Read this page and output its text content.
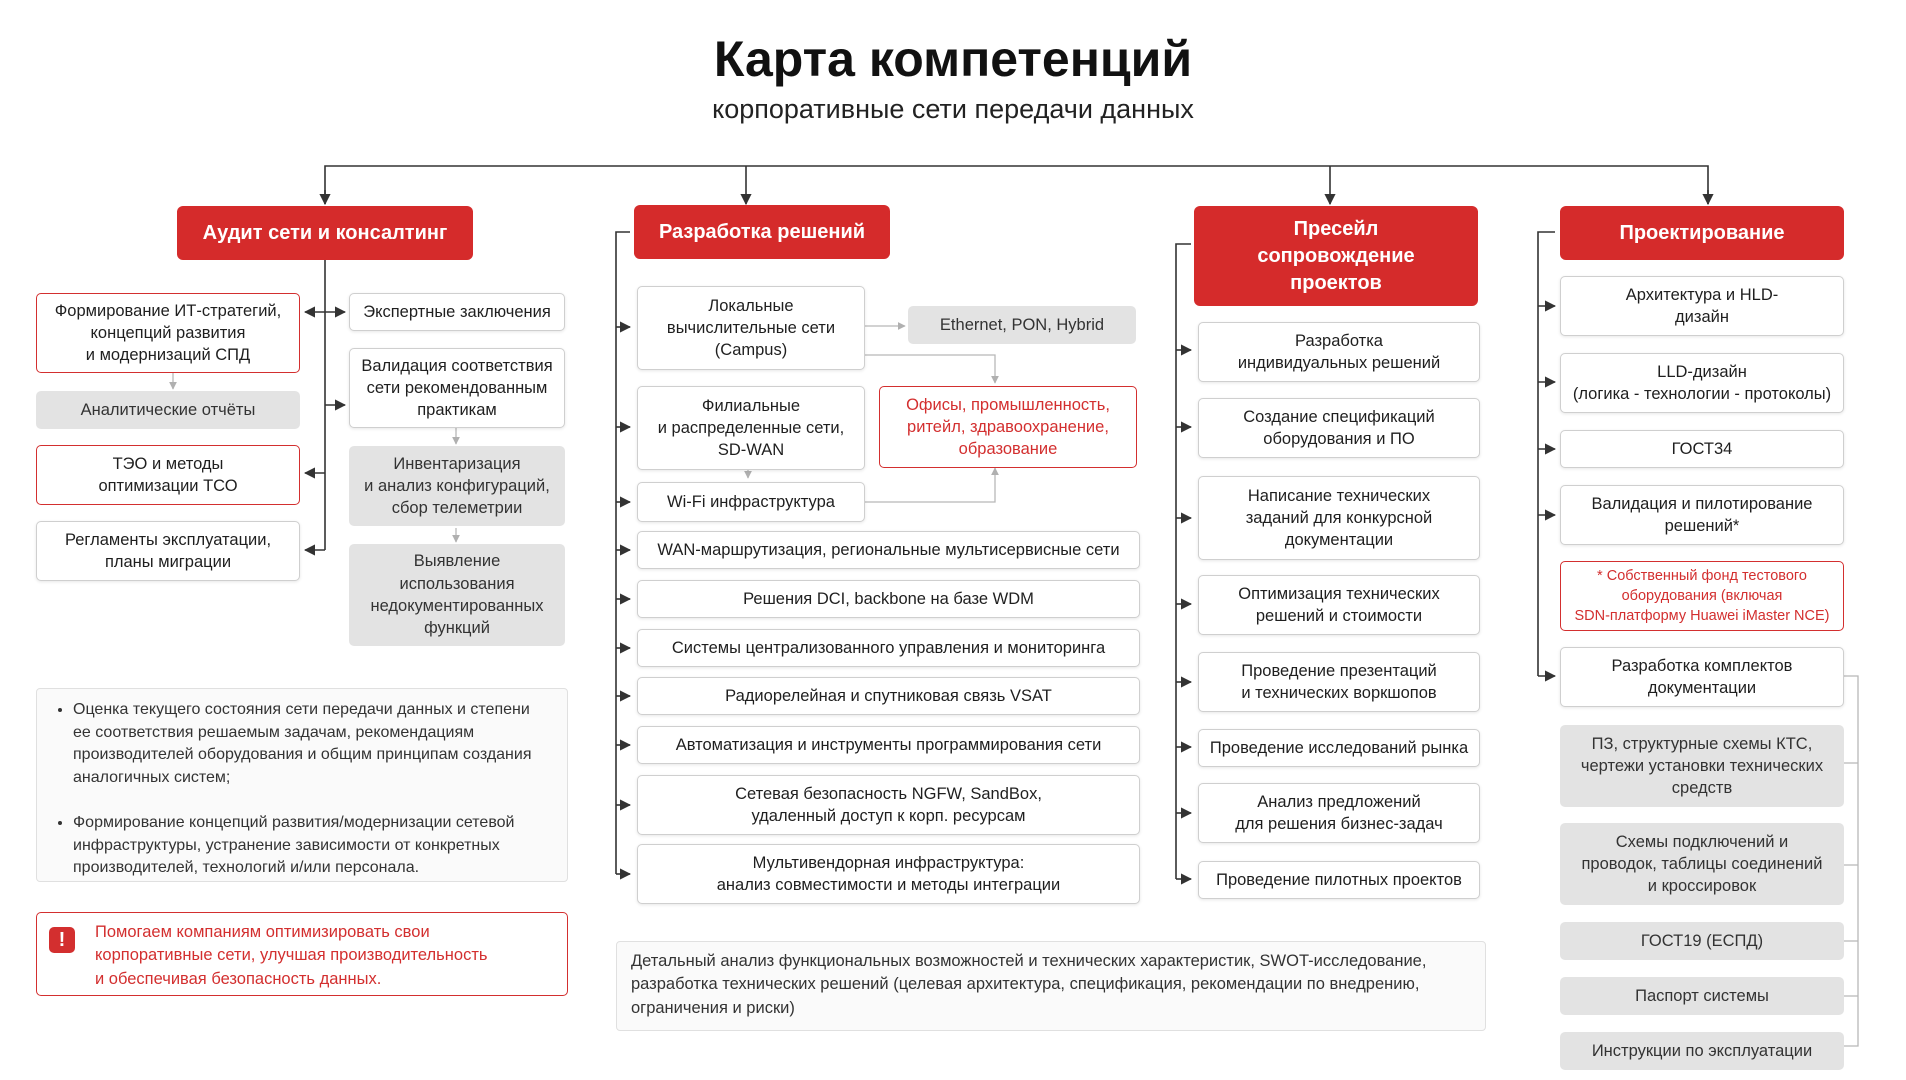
Карта компетенций
корпоративные сети передачи данных
Аудит сети и консалтинг
Формирование ИТ-стратегий,
концепций развития
и модернизаций СПД
Аналитические отчёты
ТЭО и методы
оптимизации ТСО
Регламенты эксплуатации,
планы миграции
Экспертные заключения
Валидация соответствия
сети рекомендованным
практикам
Инвентаризация
и анализ конфигураций,
сбор телеметрии
Выявление
использования
недокументированных
функций
• Оценка текущего состояния сети передачи данных и степени ее соответствия решаемым задачам, рекомендациям производителей оборудования и общим принципам создания аналогичных систем;
• Формирование концепций развития/модернизации сетевой инфраструктуры, устранение зависимости от конкретных производителей, технологий и/или персонала.
!	Помогаем компаниям оптимизировать свои
корпоративные сети, улучшая производительность
и обеспечивая безопасность данных.
Разработка решений
Локальные
вычислительные сети
(Campus)
Ethernet, PON, Hybrid
Офисы, промышленность,
ритейл, здравоохранение,
образование
Филиальные
и распределенные сети,
SD-WAN
Wi-Fi инфраструктура
WAN-маршрутизация, региональные мультисервисные сети
Решения DCI, backbone на базе WDM
Системы централизованного управления и мониторинга
Радиорелейная и спутниковая связь VSAT
Автоматизация и инструменты программирования сети
Сетевая безопасность NGFW, SandBox,
удаленный доступ к корп. ресурсам
Мультивендорная инфраструктура:
анализ совместимости и методы интеграции
Детальный анализ функциональных возможностей и технических характеристик, SWOT-исследование, разработка технических решений (целевая архитектура, спецификация, рекомендации по внедрению, ограничения и риски)
Пресейл
сопровождение
проектов
Разработка
индивидуальных решений
Создание спецификаций
оборудования и ПО
Написание технических
заданий для конкурсной
документации
Оптимизация технических
решений и стоимости
Проведение презентаций
и технических воркшопов
Проведение исследований рынка
Анализ предложений
для решения бизнес-задач
Проведение пилотных проектов
Проектирование
Архитектура и HLD-
дизайн
LLD-дизайн
(логика - технологии - протоколы)
ГОСТ34
Валидация и пилотирование
решений*
* Собственный фонд тестового
оборудования (включая
SDN-платформу Huawei iMaster NCE)
Разработка комплектов
документации
ПЗ, структурные схемы КТС,
чертежи установки технических
средств
Схемы подключений и
проводок, таблицы соединений
и кроссировок
ГОСТ19 (ЕСПД)
Паспорт системы
Инструкции по эксплуатации
